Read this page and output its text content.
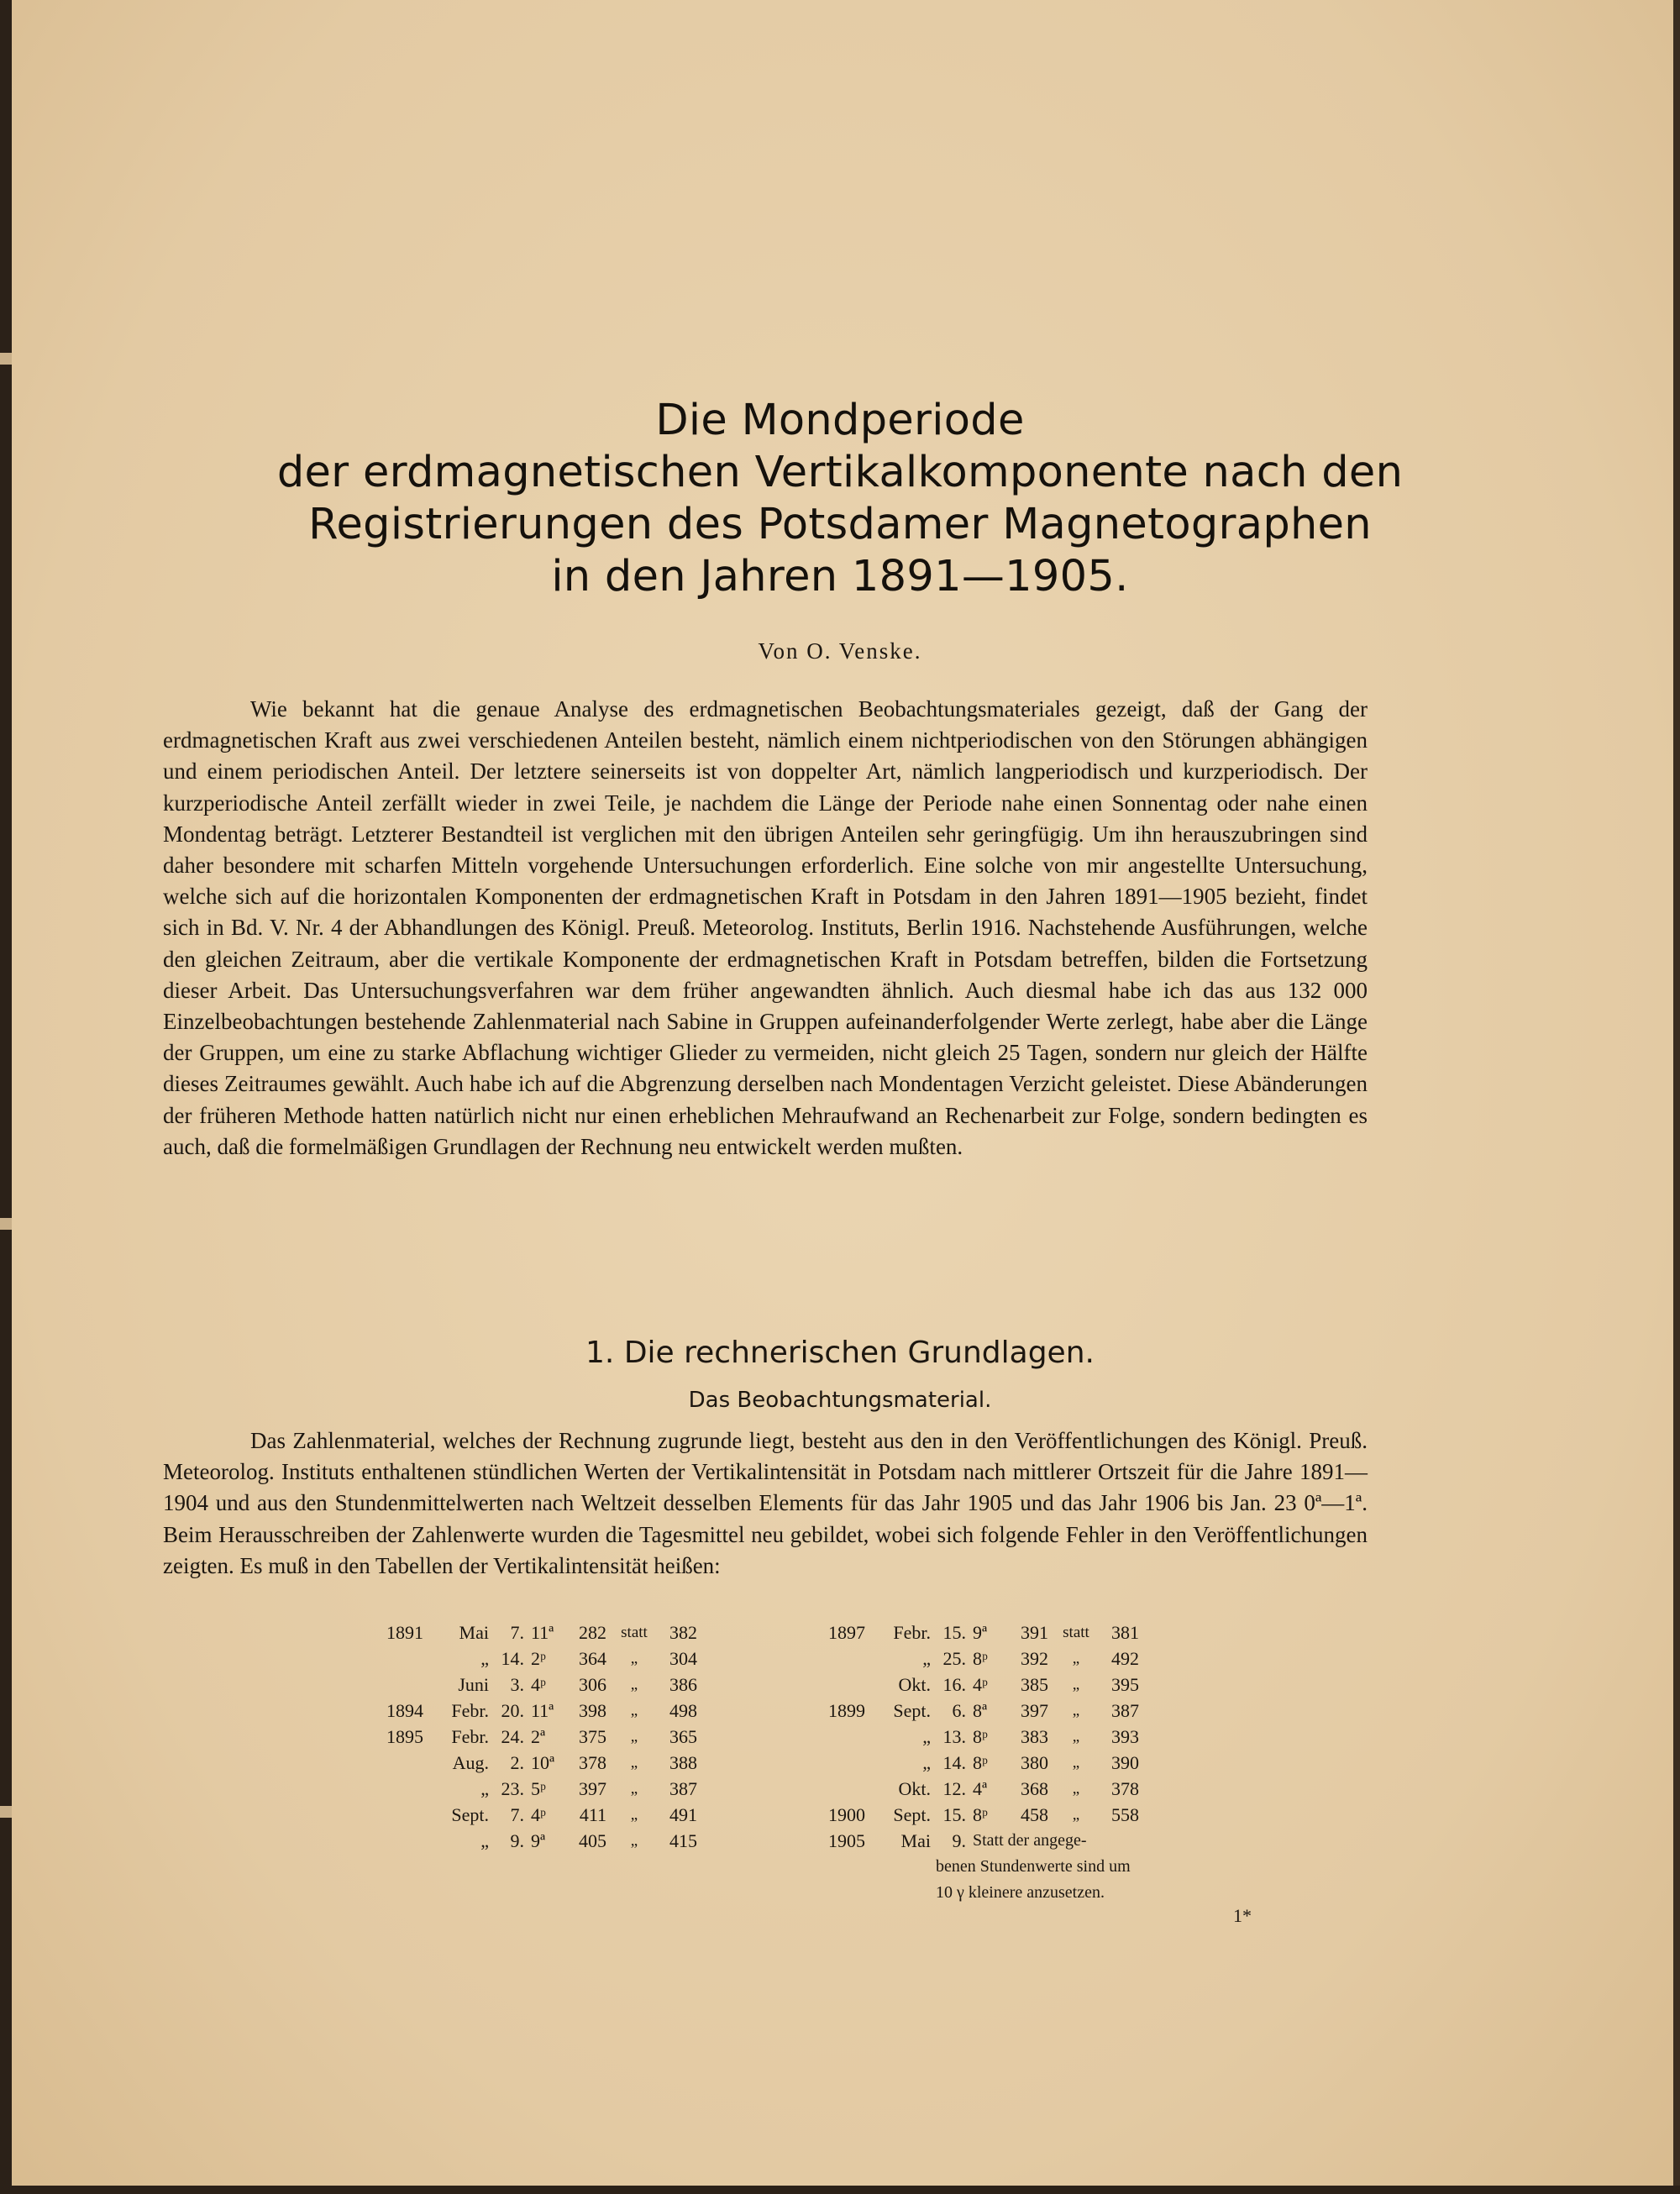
Die Mondperiode
der erdmagnetischen Vertikalkomponente nach den
Registrierungen des Potsdamer Magnetographen
in den Jahren 1891—1905.
Von O. Venske.

Wie bekannt hat die genaue Analyse des erdmagnetischen Beobachtungsmateriales gezeigt, daß der Gang der erdmagnetischen Kraft aus zwei verschiedenen Anteilen besteht, nämlich einem nichtperiodischen von den Störungen abhängigen und einem periodischen Anteil. Der letztere seinerseits ist von doppelter Art, nämlich langperiodisch und kurzperiodisch. Der kurzperiodische Anteil zerfällt wieder in zwei Teile, je nachdem die Länge der Periode nahe einen Sonnentag oder nahe einen Mondentag beträgt. Letzterer Bestandteil ist verglichen mit den übrigen Anteilen sehr geringfügig. Um ihn herauszubringen sind daher besondere mit scharfen Mitteln vorgehende Untersuchungen erforderlich. Eine solche von mir angestellte Untersuchung, welche sich auf die horizontalen Komponenten der erdmagnetischen Kraft in Potsdam in den Jahren 1891—1905 bezieht, findet sich in Bd. V. Nr. 4 der Abhandlungen des Königl. Preuß. Meteorolog. Instituts, Berlin 1916. Nachstehende Ausführungen, welche den gleichen Zeitraum, aber die vertikale Komponente der erdmagnetischen Kraft in Potsdam betreffen, bilden die Fortsetzung dieser Arbeit. Das Untersuchungsverfahren war dem früher angewandten ähnlich. Auch diesmal habe ich das aus 132 000 Einzelbeobachtungen bestehende Zahlenmaterial nach Sabine in Gruppen aufeinanderfolgender Werte zerlegt, habe aber die Länge der Gruppen, um eine zu starke Abflachung wichtiger Glieder zu vermeiden, nicht gleich 25 Tagen, sondern nur gleich der Hälfte dieses Zeitraumes gewählt. Auch habe ich auf die Abgrenzung derselben nach Mondentagen Verzicht geleistet. Diese Abänderungen der früheren Methode hatten natürlich nicht nur einen erheblichen Mehraufwand an Rechenarbeit zur Folge, sondern bedingten es auch, daß die formelmäßigen Grundlagen der Rechnung neu entwickelt werden mußten.

1. Die rechnerischen Grundlagen.
Das Beobachtungsmaterial.

Das Zahlenmaterial, welches der Rechnung zugrunde liegt, besteht aus den in den Veröffentlichungen des Königl. Preuß. Meteorolog. Instituts enthaltenen stündlichen Werten der Vertikalintensität in Potsdam nach mittlerer Ortszeit für die Jahre 1891—1904 und aus den Stundenmittelwerten nach Weltzeit desselben Elements für das Jahr 1905 und das Jahr 1906 bis Jan. 23 0ª—1ª. Beim Herausschreiben der Zahlenwerte wurden die Tagesmittel neu gebildet, wobei sich folgende Fehler in den Veröffentlichungen zeigten. Es muß in den Tabellen der Vertikalintensität heißen:

1891	Mai	7.	11ª	282	statt	382
	„	14.	2ᵖ	364	„	304
	Juni	3.	4ᵖ	306	„	386
1894	Febr.	20.	11ª	398	„	498
1895	Febr.	24.	2ª	375	„	365
	Aug.	2.	10ª	378	„	388
	„	23.	5ᵖ	397	„	387
	Sept.	7.	4ᵖ	411	„	491
	„	9.	9ª	405	„	415
1897	Febr.	15.	9ª	391	statt	381
	„	25.	8ᵖ	392	„	492
	Okt.	16.	4ᵖ	385	„	395
1899	Sept.	6.	8ª	397	„	387
	„	13.	8ᵖ	383	„	393
	„	14.	8ᵖ	380	„	390
	Okt.	12.	4ª	368	„	378
1900	Sept.	15.	8ᵖ	458	„	558
1905	Mai	9.	Statt der angege-			
		benen Stundenwerte sind um				
		10 γ kleinere anzusetzen.				
1*
